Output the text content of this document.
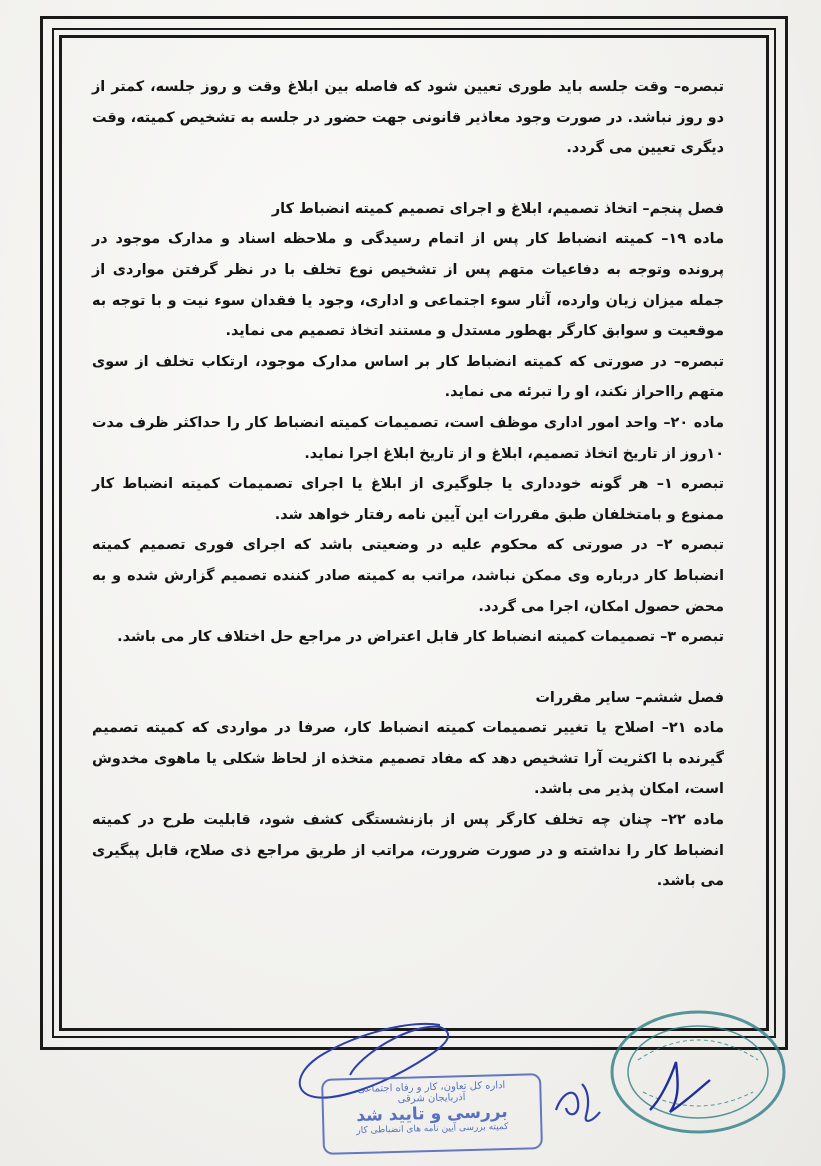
تبصره– وقت جلسه باید طوری تعیین شود که فاصله بین ابلاغ وقت و روز جلسه، کمتر از دو روز نباشد. در صورت وجود معاذیر قانونی جهت حضور در جلسه به تشخیص کمیته، وقت دیگری تعیین می گردد.

فصل پنجم– اتخاذ تصمیم، ابلاغ و اجرای تصمیم کمیته انضباط کار

ماده ۱۹– کمیته انضباط کار پس از اتمام رسیدگی و ملاحظه اسناد و مدارک موجود در پرونده وتوجه به دفاعیات متهم پس از تشخیص نوع تخلف با در نظر گرفتن مواردی از جمله میزان زیان وارده، آثار سوء اجتماعی و اداری، وجود یا فقدان سوء نیت و با توجه به موقعیت و سوابق کارگر بهطور مستدل و مستند اتخاذ تصمیم می نماید.

تبصره– در صورتی که کمیته انضباط کار بر اساس مدارک موجود، ارتکاب تخلف از سوی متهم رااحراز نکند، او را تبرئه می نماید.

ماده ۲۰– واحد امور اداری موظف است، تصمیمات کمیته انضباط کار را حداکثر ظرف مدت ۱۰روز از تاریخ اتخاذ تصمیم، ابلاغ و از تاریخ ابلاغ اجرا نماید.

تبصره ۱– هر گونه خودداری یا جلوگیری از ابلاغ یا اجرای تصمیمات کمیته انضباط کار ممنوع و بامتخلفان طبق مقررات این آیین نامه رفتار خواهد شد.

تبصره ۲– در صورتی که محکوم علیه در وضعیتی باشد که اجرای فوری تصمیم کمیته انضباط کار درباره وی ممکن نباشد، مراتب به کمیته صادر کننده تصمیم گزارش شده و به محض حصول امکان، اجرا می گردد.

تبصره ۳– تصمیمات کمیته انضباط کار قابل اعتراض در مراجع حل اختلاف کار می باشد.

فصل ششم– سایر مقررات

ماده ۲۱– اصلاح یا تغییر تصمیمات کمیته انضباط کار، صرفا در مواردی که کمیته تصمیم گیرنده با اکثریت آرا تشخیص دهد که مفاد تصمیم متخذه از لحاظ شکلی یا ماهوی مخدوش است، امکان پذیر می باشد.

ماده ۲۲– چنان چه تخلف کارگر پس از بازنشستگی کشف شود، قابلیت طرح در کمیته انضباط کار را نداشته و در صورت ضرورت، مراتب از طریق مراجع ذی صلاح، قابل پیگیری می باشد.

اداره کل تعاون، کار و رفاه اجتماعی
آذربایجان شرقی
بررسی و تایید شد
کمیته بررسی آیین نامه های انضباطی کار
